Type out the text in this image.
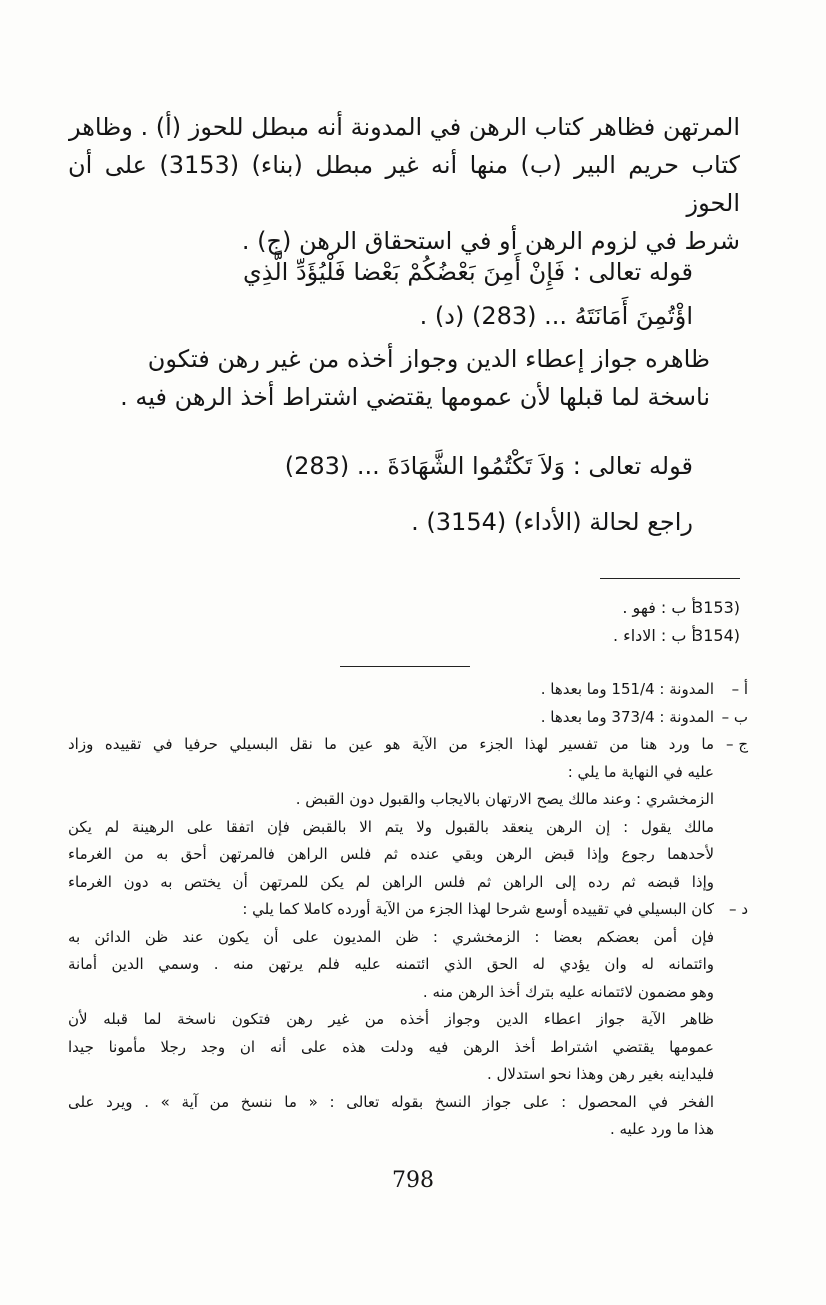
المرتهن فظاهر كتاب الرهن في المدونة أنه مبطل للحوز (أ) . وظاهر
كتاب حريم البير (ب) منها أنه غير مبطل (بناء) (3153) على أن الحوز
شرط في لزوم الرهن أو في استحقاق الرهن (ج) .
قوله تعالى : فَإِنْ أَمِنَ بَعْضُكُمْ بَعْضا فَلْيُؤَدِّ الَّذِي
اؤْتُمِنَ أَمَانَتَهُ ... (283) (د) .
ظاهره جواز إعطاء الدين وجواز أخذه من غير رهن فتكون
ناسخة لما قبلها لأن عمومها يقتضي اشتراط أخذ الرهن فيه .
قوله تعالى : وَلاَ تَكْتُمُوا الشَّهَادَةَ ... (283)
راجع لحالة (الأداء) (3154) .
(3153
أ ب : فهو .
(3154
أ ب : الاداء .
أ –
المدونة : 151/4 وما بعدها .
ب –
المدونة : 373/4 وما بعدها .
ج –
ما ورد هنا من تفسير لهذا الجزء من الآية هو عين ما نقل البسيلي حرفيا في تقييده وزاد
عليه في النهاية ما يلي :
الزمخشري : وعند مالك يصح الارتهان بالايجاب والقبول دون القبض .
مالك يقول : إن الرهن ينعقد بالقبول ولا يتم الا بالقبض فإن اتفقا على الرهينة لم يكن
لأحدهما رجوع وإذا قبض الرهن وبقي عنده ثم فلس الراهن فالمرتهن أحق به من الغرماء
وإذا قبضه ثم رده إلى الراهن ثم فلس الراهن لم يكن للمرتهن أن يختص به دون الغرماء
د –
كان البسيلي في تقييده أوسع شرحا لهذا الجزء من الآية أورده كاملا كما يلي :
فإن أمن بعضكم بعضا : الزمخشري : ظن المديون على أن يكون عند ظن الدائن به
وائتمانه له وان يؤدي له الحق الذي ائتمنه عليه فلم يرتهن منه . وسمي الدين أمانة
وهو مضمون لائتمانه عليه بترك أخذ الرهن منه .
ظاهر الآية جواز اعطاء الدين وجواز أخذه من غير رهن فتكون ناسخة لما قبله لأن
عمومها يقتضي اشتراط أخذ الرهن فيه ودلت هذه على أنه ان وجد رجلا مأمونا جيدا
فليداينه بغير رهن وهذا نحو استدلال .
الفخر في المحصول : على جواز النسخ بقوله تعالى : « ما ننسخ من آية » . ويرد على
هذا ما ورد عليه .
798
